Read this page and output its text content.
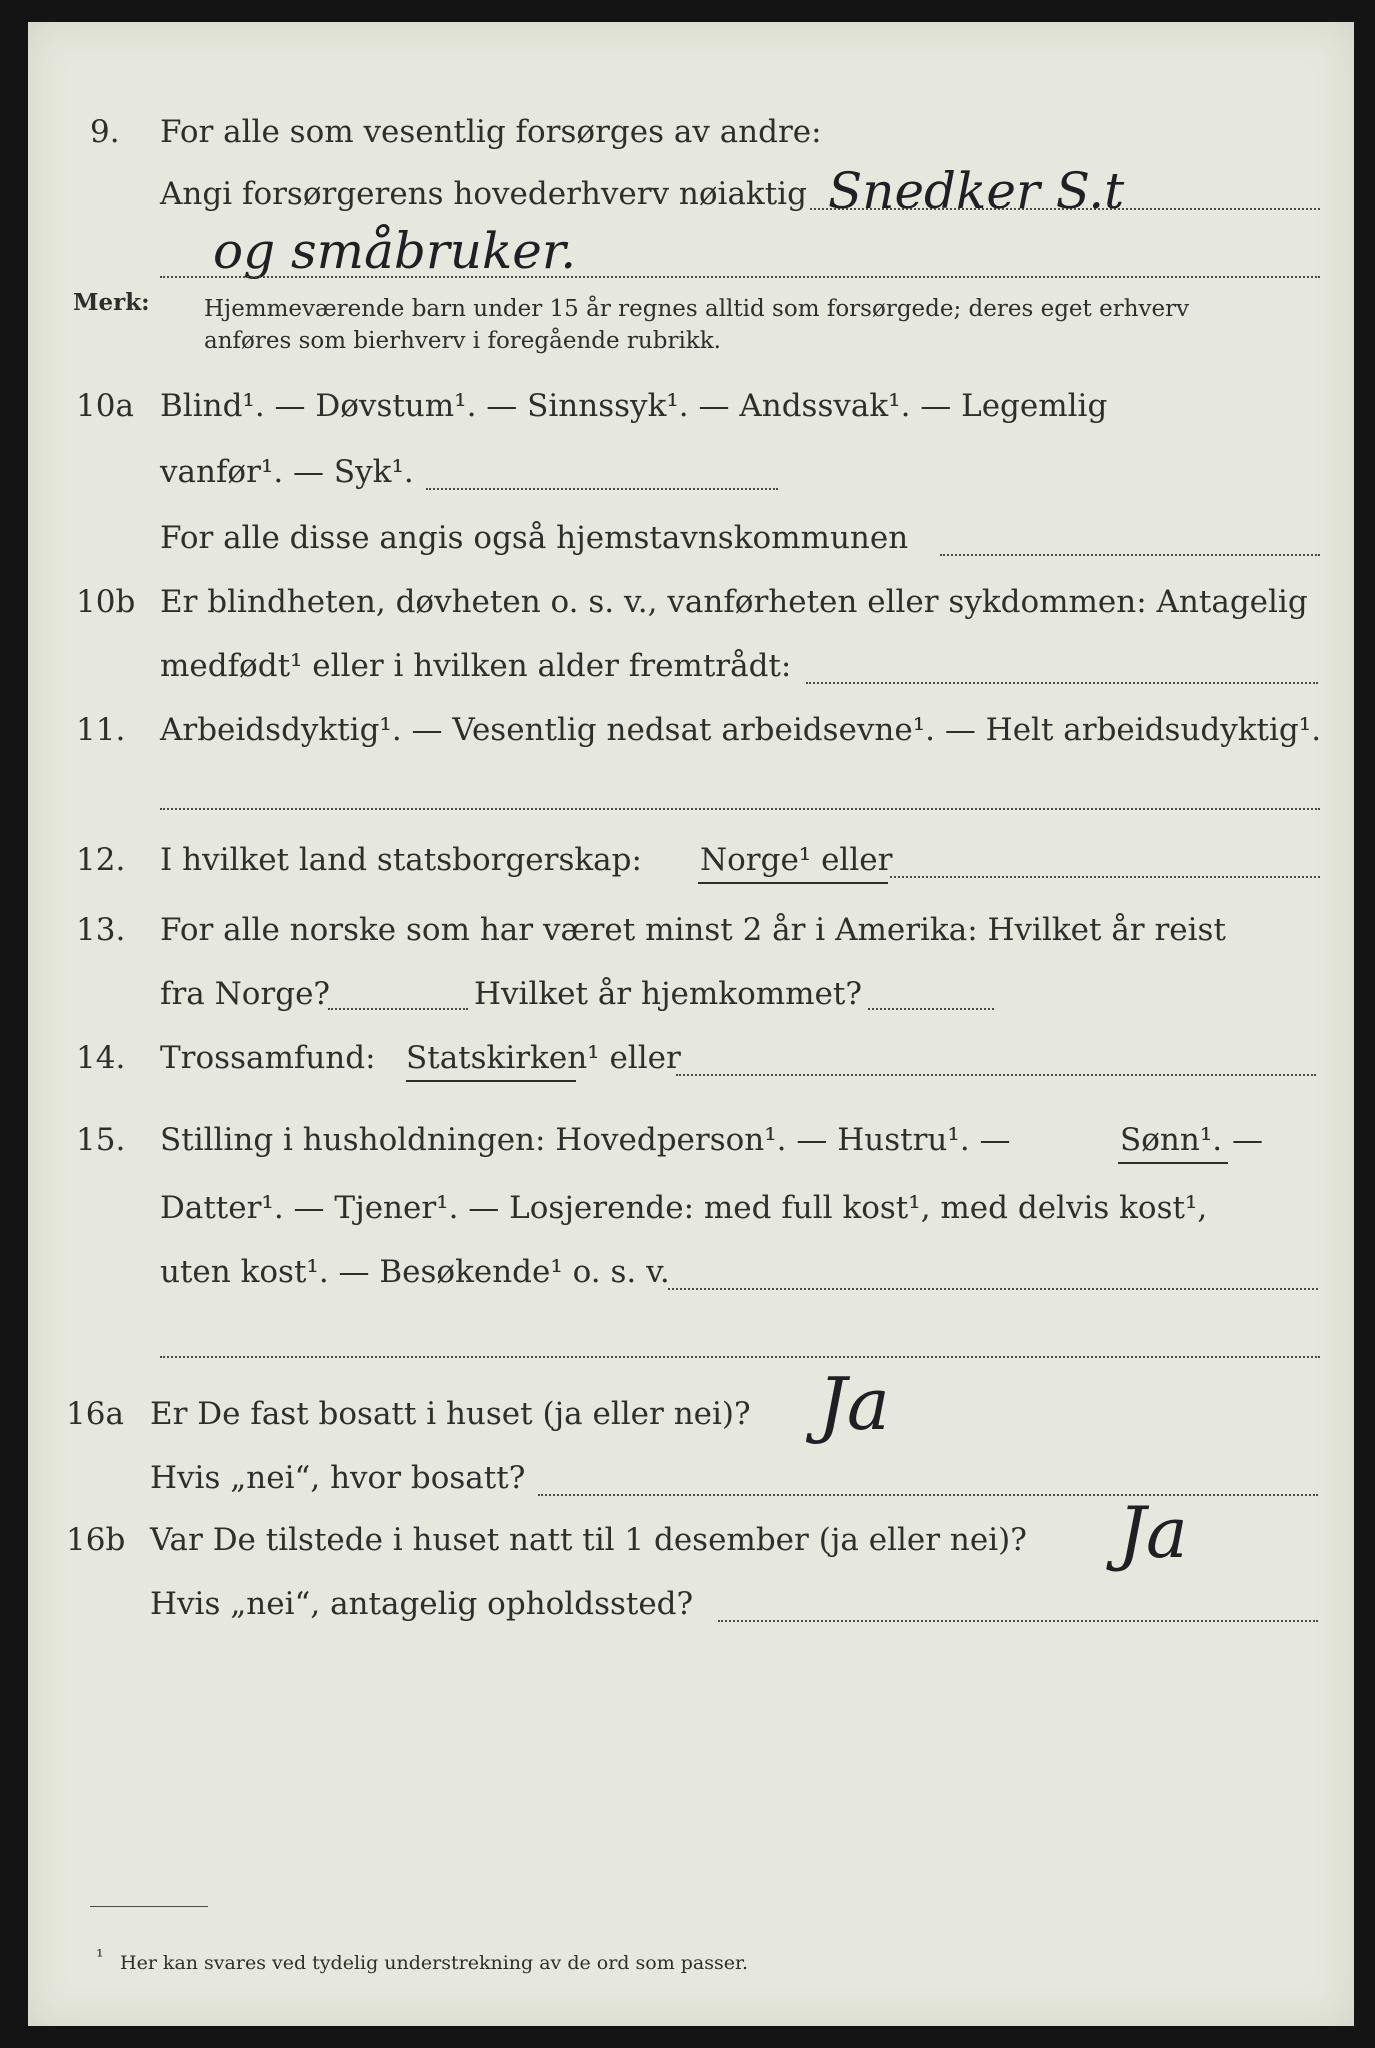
9. For alle som vesentlig forsørges av andre:
Angi forsørgerens hovederhverv nøiaktig Snedker S.t
og småbruker.
Merk: Hjemmeværende barn under 15 år regnes alltid som forsørgede; deres eget erhverv
anføres som bierhverv i foregående rubrikk.
10a Blind¹. — Døvstum¹. — Sinnssyk¹. — Andssvak¹. — Legemlig
vanfør¹. — Syk¹.
For alle disse angis også hjemstavnskommunen
10b Er blindheten, døvheten o. s. v., vanførheten eller sykdommen: Antagelig
medfødt¹ eller i hvilken alder fremtrådt:
11. Arbeidsdyktig¹. — Vesentlig nedsat arbeidsevne¹. — Helt arbeidsudyktig¹.
12. I hvilket land statsborgerskap: Norge¹ eller
13. For alle norske som har været minst 2 år i Amerika: Hvilket år reist
fra Norge?	Hvilket år hjemkommet?
14. Trossamfund: Statskirken¹ eller
15. Stilling i husholdningen: Hovedperson¹. — Hustru¹. —	Sønn¹. —
Datter¹. — Tjener¹. — Losjerende: med full kost¹, med delvis kost¹,
uten kost¹. — Besøkende¹ o. s. v.
16a Er De fast bosatt i huset (ja eller nei)? Ja
Hvis „nei“, hvor bosatt?
16b Var De tilstede i huset natt til 1 desember (ja eller nei)? Ja
Hvis „nei“, antagelig opholdssted?
¹ Her kan svares ved tydelig understrekning av de ord som passer.
